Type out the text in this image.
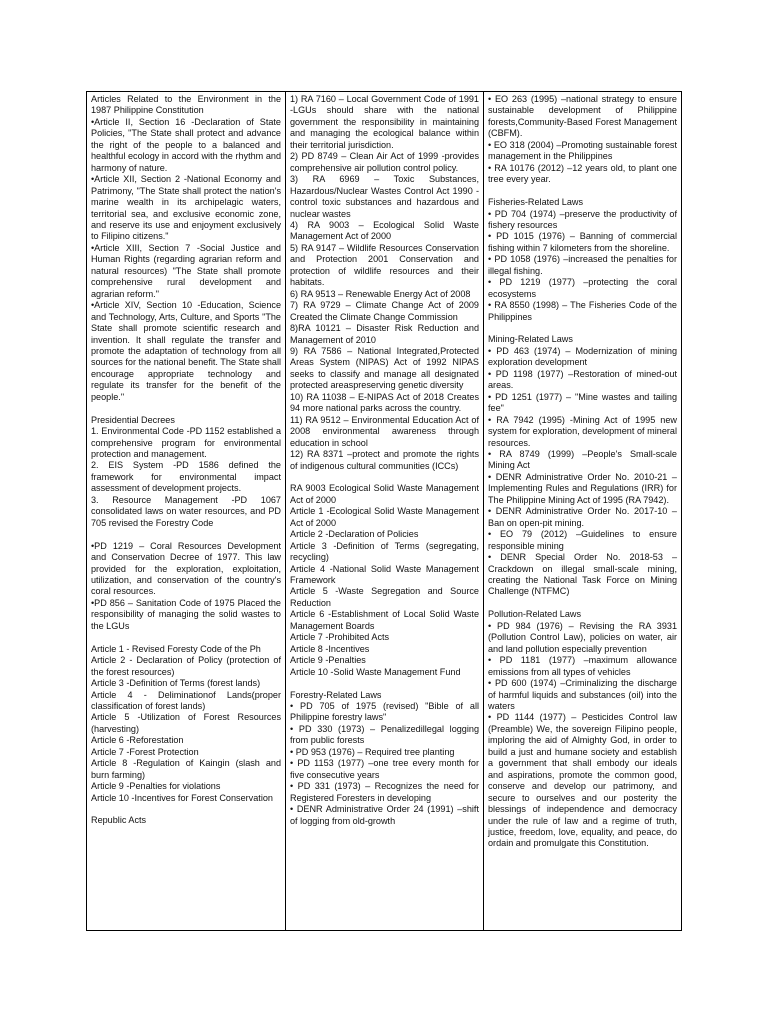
Articles Related to the Environment in the 1987 Philippine Constitution
•Article II, Section 16 -Declaration of State Policies, "The State shall protect and advance the right of the people to a balanced and healthful ecology in accord with the rhythm and harmony of nature.
•Article XII, Section 2 -National Economy and Patrimony, "The State shall protect the nation's marine wealth in its archipelagic waters, territorial sea, and exclusive economic zone, and reserve its use and enjoyment exclusively to Filipino citizens."
•Article XIII, Section 7 -Social Justice and Human Rights (regarding agrarian reform and natural resources) "The State shall promote comprehensive rural development and agrarian reform."
•Article XIV, Section 10 -Education, Science and Technology, Arts, Culture, and Sports "The State shall promote scientific research and invention. It shall regulate the transfer and promote the adaptation of technology from all sources for the national benefit. The State shall encourage appropriate technology and regulate its transfer for the benefit of the people."
Presidential Decrees
1. Environmental Code -PD 1152 established a comprehensive program for environmental protection and management.
2. EIS System -PD 1586 defined the framework for environmental impact assessment of development projects.
3. Resource Management -PD 1067 consolidated laws on water resources, and PD 705 revised the Forestry Code
•PD 1219 – Coral Resources Development and Conservation Decree of 1977. This law provided for the exploration, exploitation, utilization, and conservation of the country's coral resources.
•PD 856 – Sanitation Code of 1975 Placed the responsibility of managing the solid wastes to the LGUs
Article 1 - Revised Foresty Code of the Ph
Article 2 - Declaration of Policy (protection of the forest resources)
Article 3 -Definition of Terms (forest lands)
Article 4 - Deliminationof Lands(proper classification of forest lands)
Article 5 -Utilization of Forest Resources (harvesting)
Article 6 -Reforestation
Article 7 -Forest Protection
Article 8 -Regulation of Kaingin (slash and burn farming)
Article 9 -Penalties for violations
Article 10 -Incentives for Forest Conservation
Republic Acts
1) RA 7160 – Local Government Code of 1991 -LGUs should share with the national government the responsibility in maintaining and managing the ecological balance within their territorial jurisdiction.
2) PD 8749 – Clean Air Act of 1999 -provides comprehensive air pollution control policy.
3) RA 6969 – Toxic Substances, Hazardous/Nuclear Wastes Control Act 1990 -control toxic substances and hazardous and nuclear wastes
4) RA 9003 – Ecological Solid Waste Management Act of 2000
5) RA 9147 – Wildlife Resources Conservation and Protection 2001 Conservation and protection of wildlife resources and their habitats.
6) RA 9513 – Renewable Energy Act of 2008
7) RA 9729 – Climate Change Act of 2009 Created the Climate Change Commission
8)RA 10121 – Disaster Risk Reduction and Management of 2010
9) RA 7586 – National Integrated,Protected Areas System (NIPAS) Act of 1992 NIPAS seeks to classify and manage all designated protected areaspreserving genetic diversity
10) RA 11038 – E-NIPAS Act of 2018 Creates 94 more national parks across the country.
11) RA 9512 – Environmental Education Act of 2008 environmental awareness through education in school
12) RA 8371 –protect and promote the rights of indigenous cultural communities (ICCs)
RA 9003 Ecological Solid Waste Management Act of 2000
Article 1 -Ecological Solid Waste Management Act of 2000
Article 2 -Declaration of Policies
Article 3 -Definition of Terms (segregating, recycling)
Article 4 -National Solid Waste Management Framework
Article 5 -Waste Segregation and Source Reduction
Article 6 -Establishment of Local Solid Waste Management Boards
Article 7 -Prohibited Acts
Article 8 -Incentives
Article 9 -Penalties
Article 10 -Solid Waste Management Fund
Forestry-Related Laws
• PD 705 of 1975 (revised) "Bible of all Philippine forestry laws"
• PD 330 (1973) – Penalizedillegal logging from public forests
• PD 953 (1976) – Required tree planting
• PD 1153 (1977) –one tree every month for five consecutive years
• PD 331 (1973) – Recognizes the need for Registered Foresters in developing
• DENR Administrative Order 24 (1991) –shift of logging from old-growth
• EO 263 (1995) –national strategy to ensure sustainable development of Philippine forests,Community-Based Forest Management (CBFM).
• EO 318 (2004) –Promoting sustainable forest management in the Philippines
• RA 10176 (2012) –12 years old, to plant one tree every year.
Fisheries-Related Laws
• PD 704 (1974) –preserve the productivity of fishery resources
• PD 1015 (1976) – Banning of commercial fishing within 7 kilometers from the shoreline.
• PD 1058 (1976) –increased the penalties for illegal fishing.
• PD 1219 (1977) –protecting the coral ecosystems
• RA 8550 (1998) – The Fisheries Code of the Philippines
Mining-Related Laws
• PD 463 (1974) – Modernization of mining exploration development
• PD 1198 (1977) –Restoration of mined-out areas.
• PD 1251 (1977) – "Mine wastes and tailing fee"
• RA 7942 (1995) -Mining Act of 1995 new system for exploration, development of mineral resources.
• RA 8749 (1999) –People's Small-scale Mining Act
• DENR Administrative Order No. 2010-21 –Implementing Rules and Regulations (IRR) for The Philippine Mining Act of 1995 (RA 7942).
• DENR Administrative Order No. 2017-10 –Ban on open-pit mining.
• EO 79 (2012) –Guidelines to ensure responsible mining
• DENR Special Order No. 2018-53 –Crackdown on illegal small-scale mining, creating the National Task Force on Mining Challenge (NTFMC)
Pollution-Related Laws
• PD 984 (1976) – Revising the RA 3931 (Pollution Control Law), policies on water, air and land pollution especially prevention
• PD 1181 (1977) –maximum allowance emissions from all types of vehicles
• PD 600 (1974) –Criminalizing the discharge of harmful liquids and substances (oil) into the waters
• PD 1144 (1977) – Pesticides Control law (Preamble) We, the sovereign Filipino people, imploring the aid of Almighty God, in order to build a just and humane society and establish a government that shall embody our ideals and aspirations, promote the common good, conserve and develop our patrimony, and secure to ourselves and our posterity the blessings of independence and democracy under the rule of law and a regime of truth, justice, freedom, love, equality, and peace, do ordain and promulgate this Constitution.
